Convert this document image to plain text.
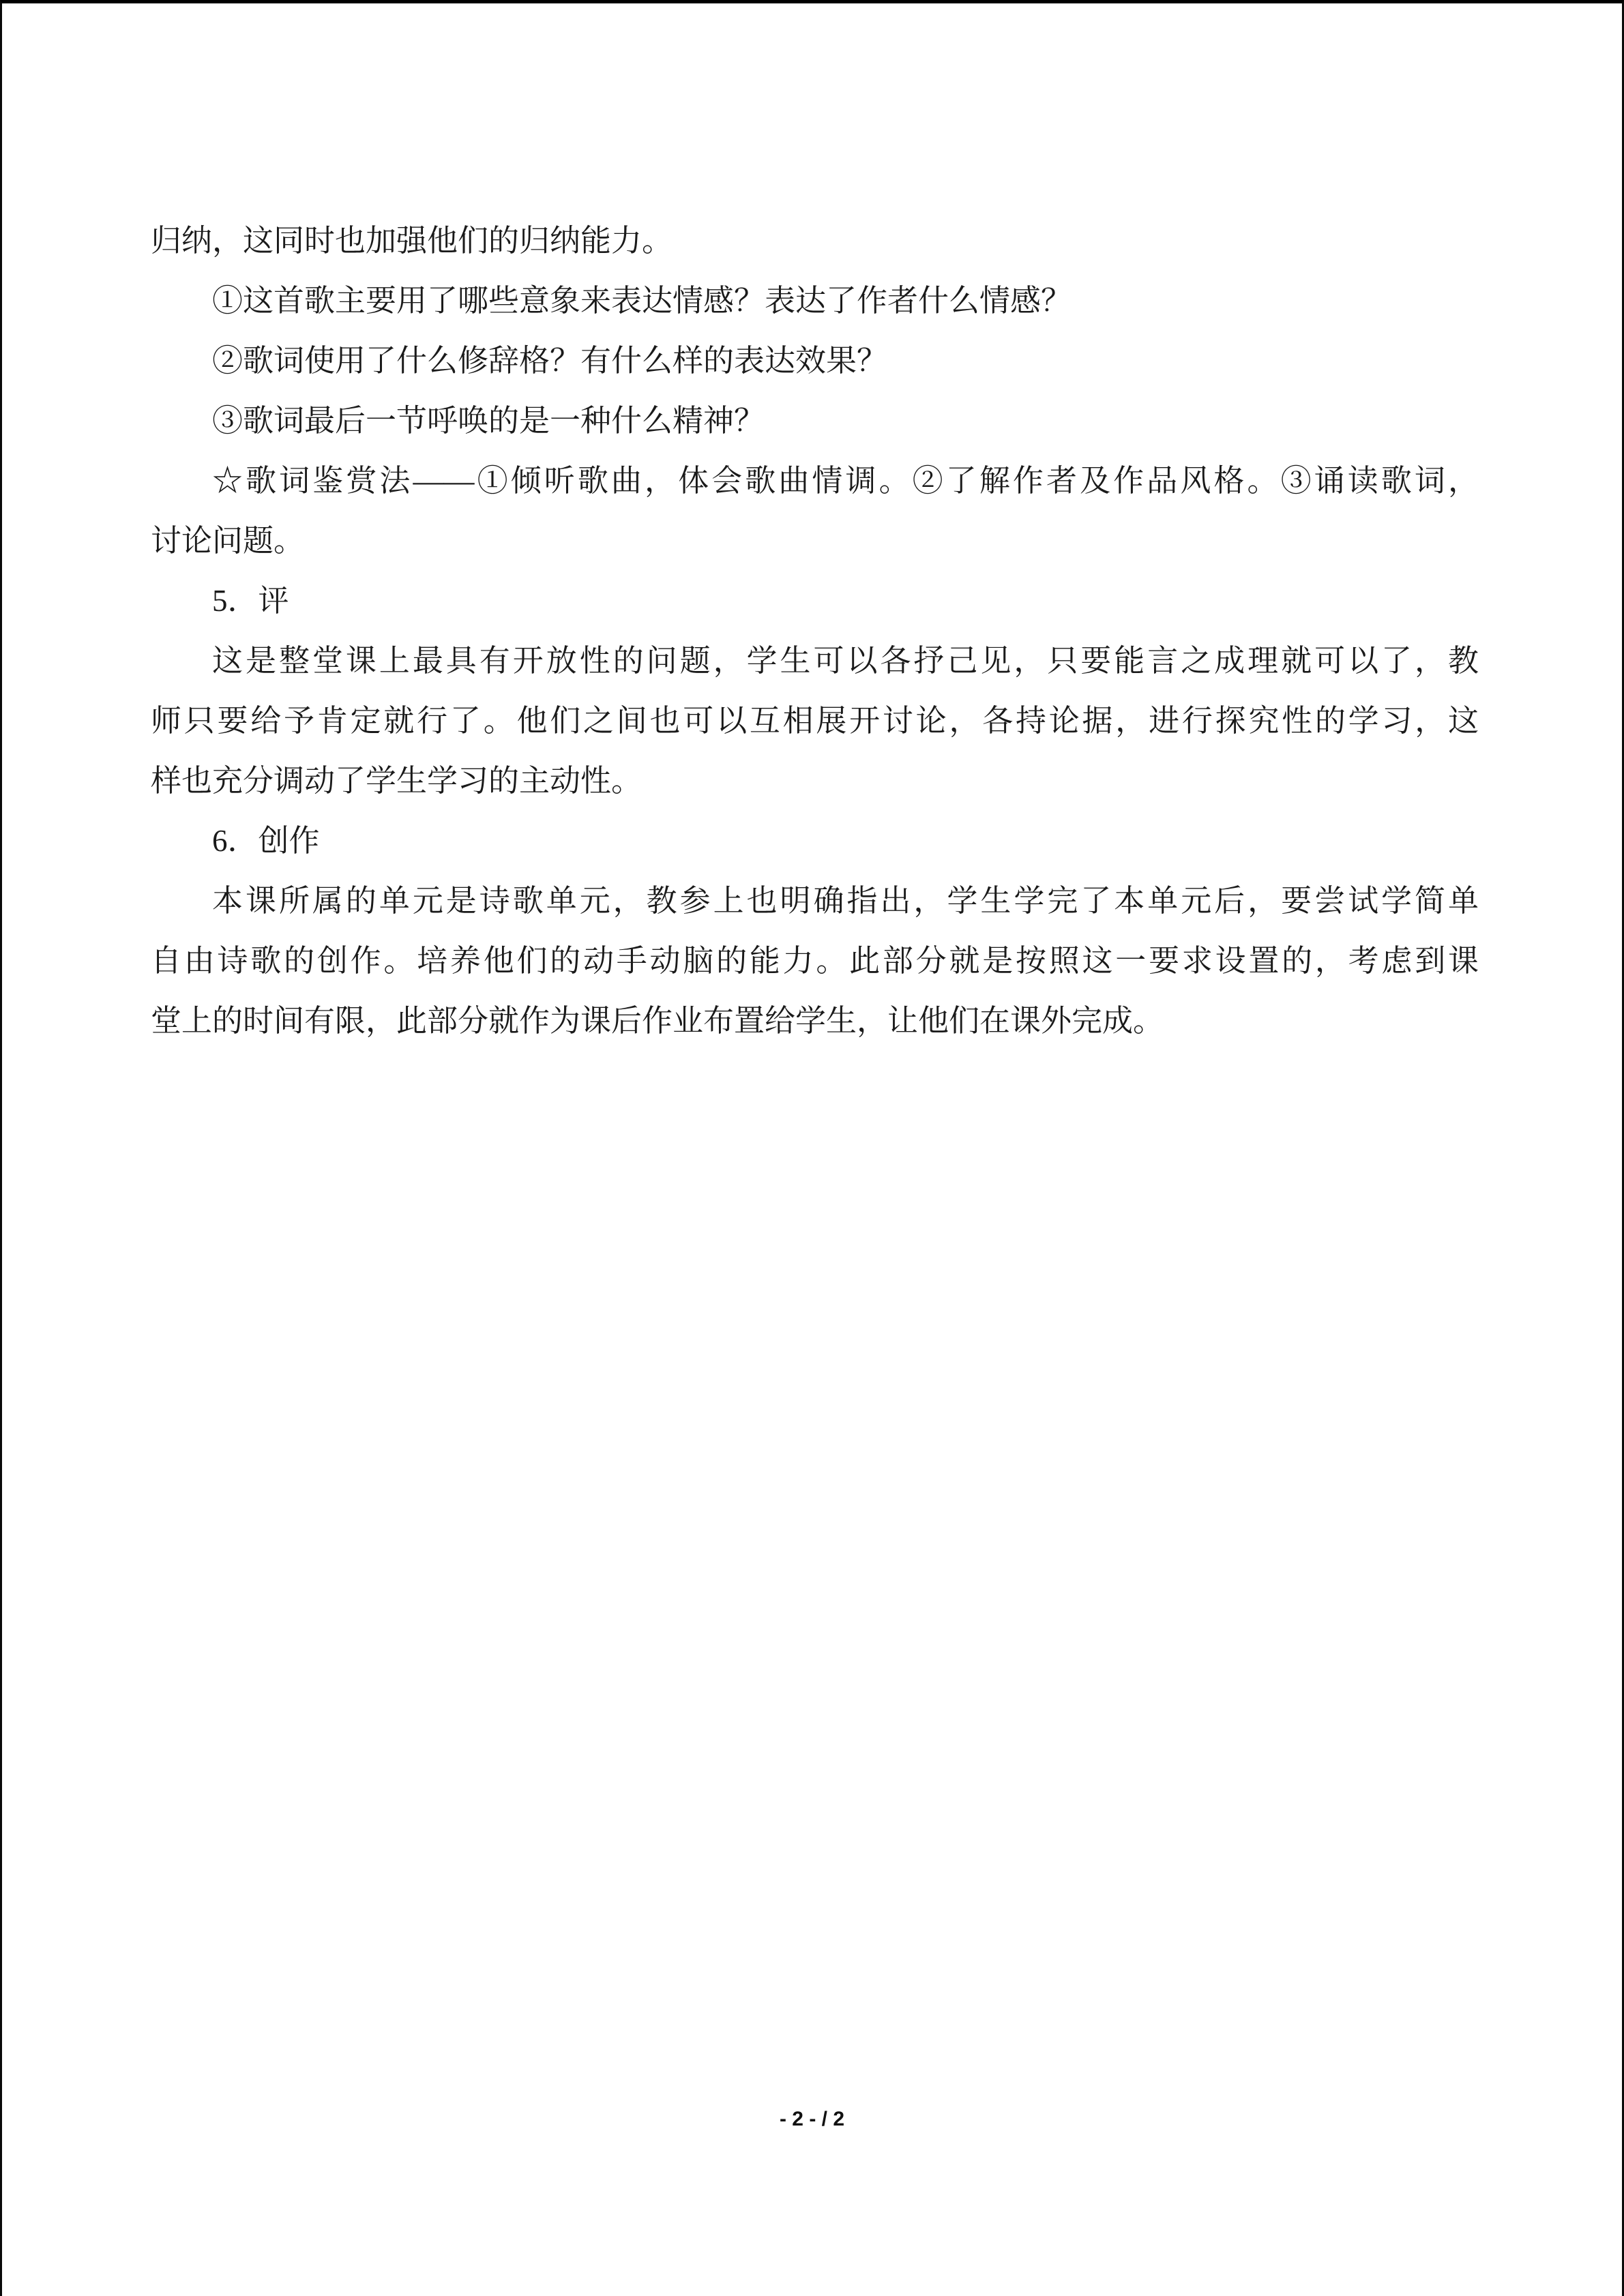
归纳，这同时也加强他们的归纳能力。
①这首歌主要用了哪些意象来表达情感？表达了作者什么情感？
②歌词使用了什么修辞格？有什么样的表达效果？
③歌词最后一节呼唤的是一种什么精神？
☆歌词鉴赏法——①倾听歌曲，体会歌曲情调。②了解作者及作品风格。③诵读歌词，
讨论问题。
5．评
这是整堂课上最具有开放性的问题，学生可以各抒己见，只要能言之成理就可以了，教
师只要给予肯定就行了。他们之间也可以互相展开讨论，各持论据，进行探究性的学习，这
样也充分调动了学生学习的主动性。
6．创作
本课所属的单元是诗歌单元，教参上也明确指出，学生学完了本单元后，要尝试学简单
自由诗歌的创作。培养他们的动手动脑的能力。此部分就是按照这一要求设置的，考虑到课
堂上的时间有限，此部分就作为课后作业布置给学生，让他们在课外完成。
- 2 - / 2
